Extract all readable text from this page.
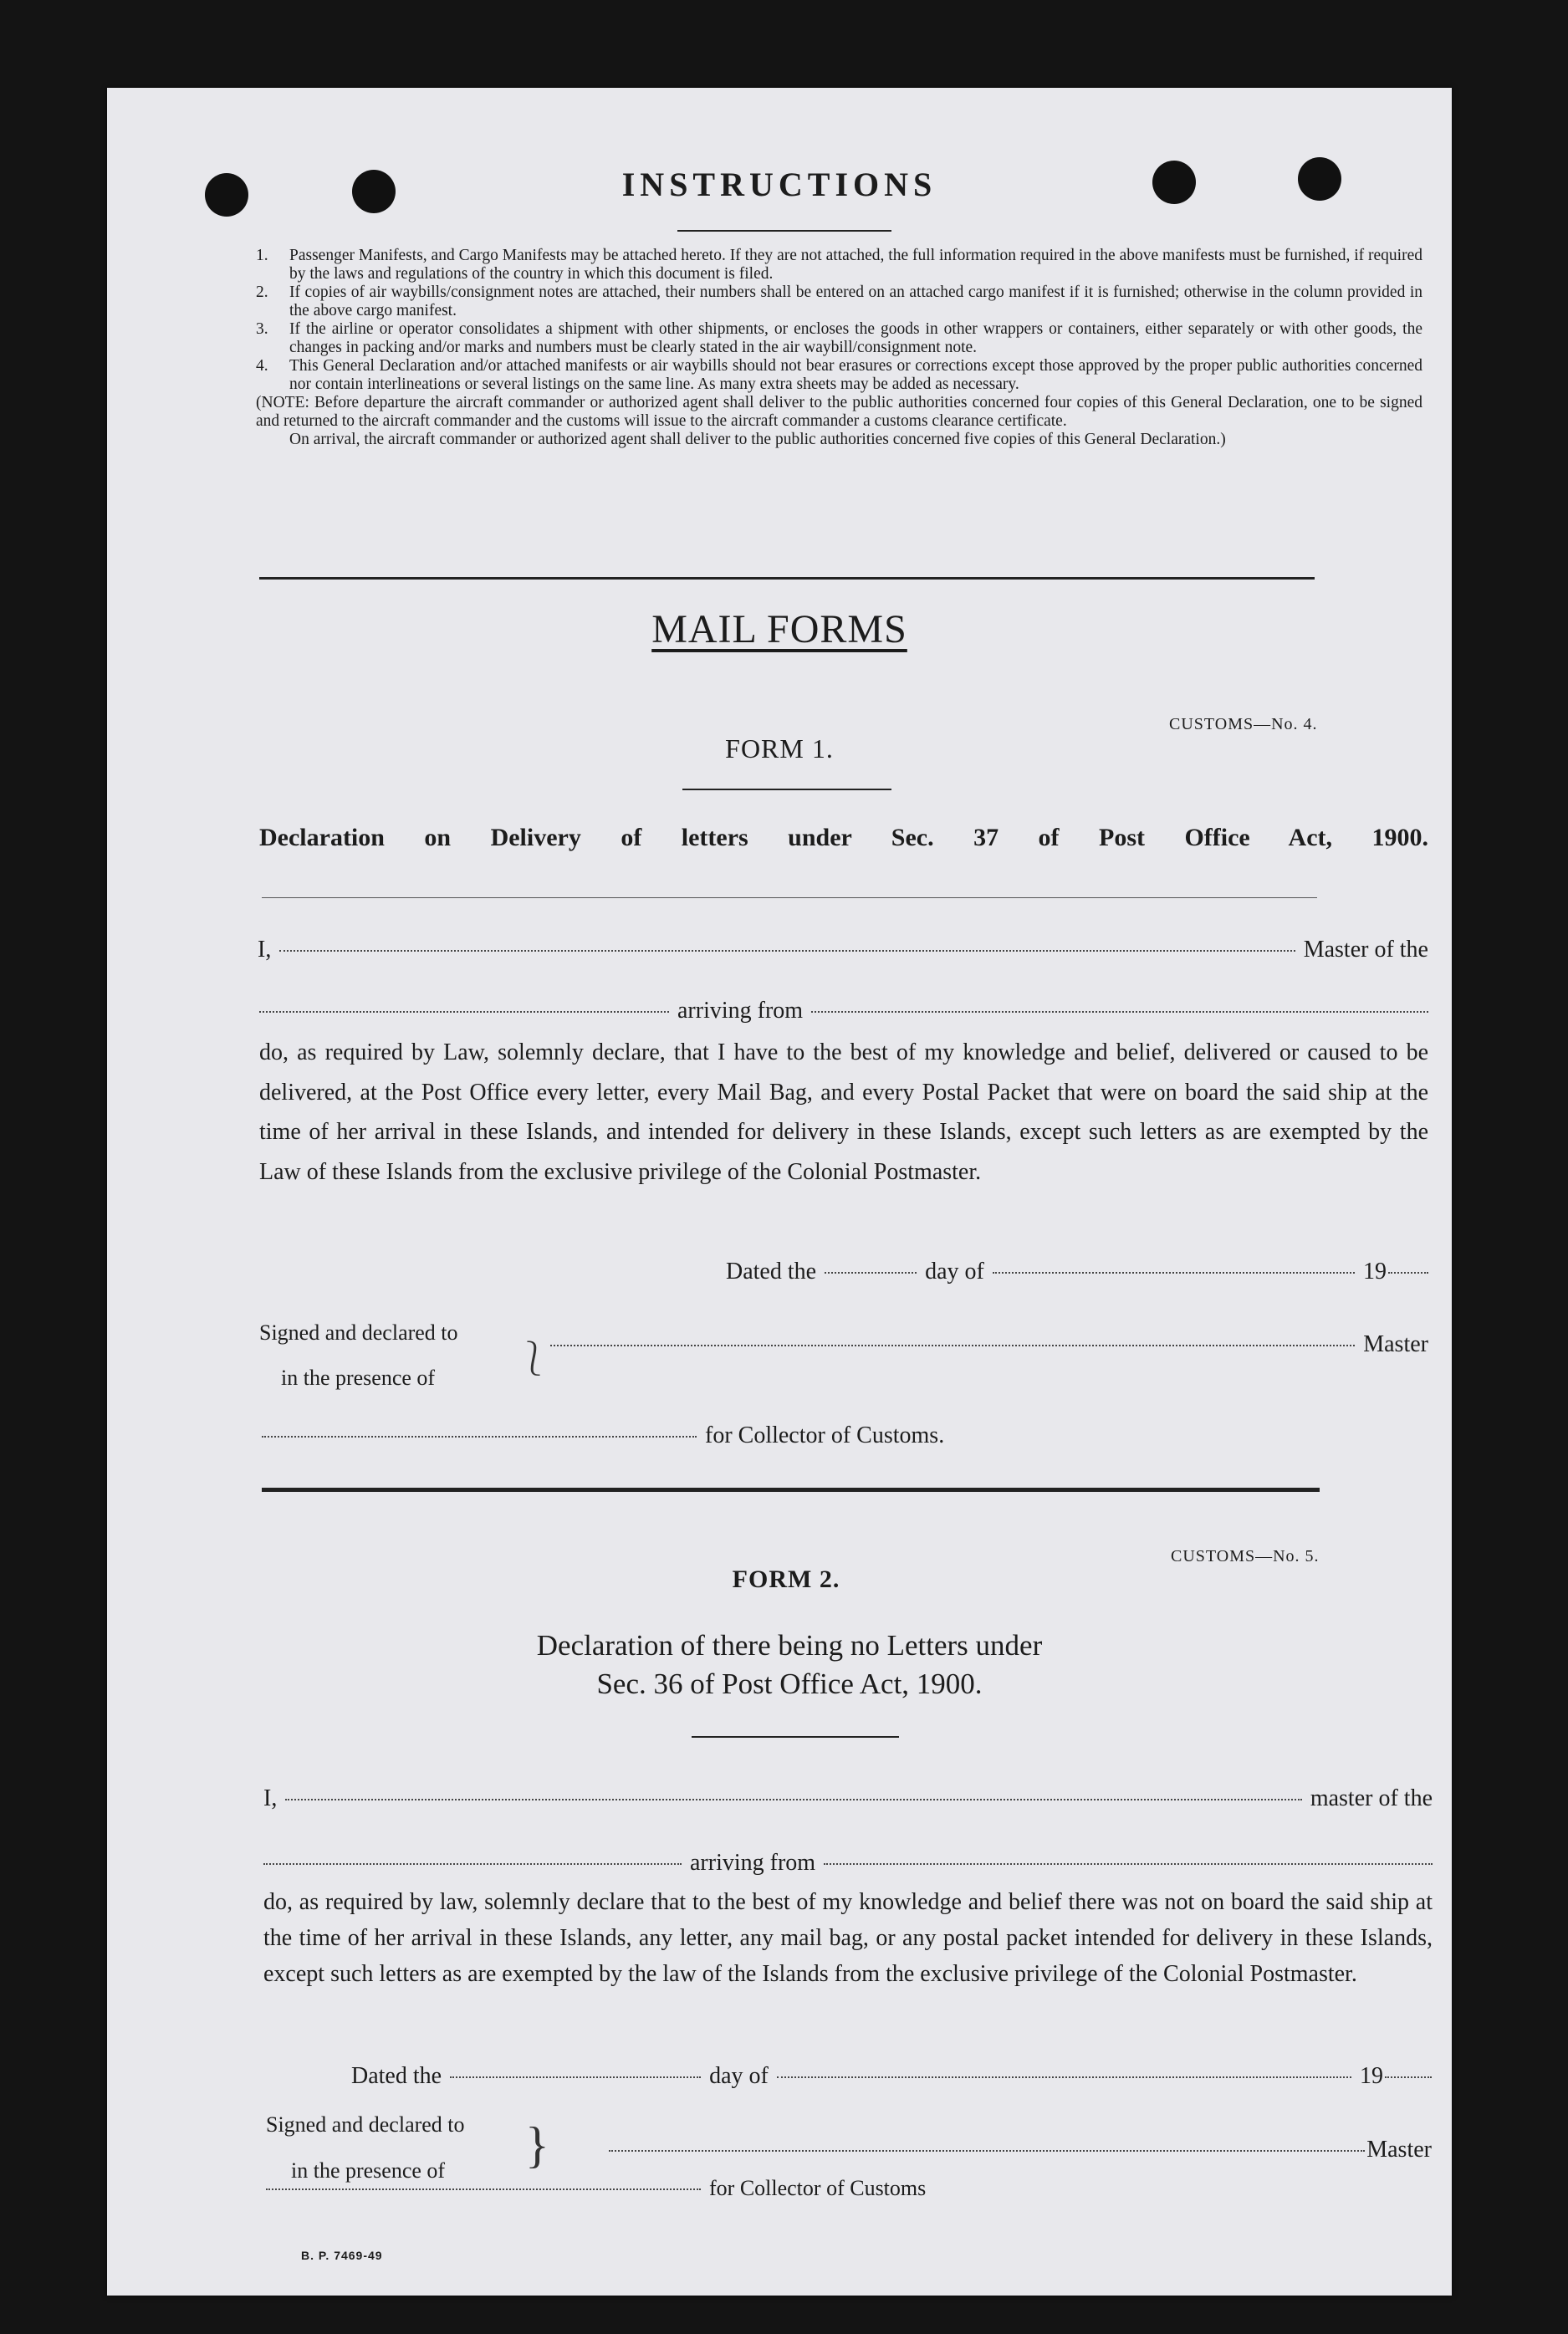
INSTRUCTIONS
1. Passenger Manifests, and Cargo Manifests may be attached hereto. If they are not attached, the full information required in the above manifests must be furnished, if required by the laws and regulations of the country in which this document is filed.
2. If copies of air waybills/consignment notes are attached, their numbers shall be entered on an attached cargo manifest if it is furnished; otherwise in the column provided in the above cargo manifest.
3. If the airline or operator consolidates a shipment with other shipments, or encloses the goods in other wrappers or containers, either separately or with other goods, the changes in packing and/or marks and numbers must be clearly stated in the air waybill/consignment note.
4. This General Declaration and/or attached manifests or air waybills should not bear erasures or corrections except those approved by the proper public authorities concerned nor contain interlineations or several listings on the same line. As many extra sheets may be added as necessary.
(NOTE: Before departure the aircraft commander or authorized agent shall deliver to the public authorities concerned four copies of this General Declaration, one to be signed and returned to the aircraft commander and the customs will issue to the aircraft commander a customs clearance certificate.
On arrival, the aircraft commander or authorized agent shall deliver to the public authorities concerned five copies of this General Declaration.)
MAIL FORMS
CUSTOMS—No. 4.
FORM 1.
Declaration on Delivery of letters under Sec. 37 of Post Office Act, 1900.
I,	Master of the
arriving from
do, as required by Law, solemnly declare, that I have to the best of my knowledge and belief, delivered or caused to be delivered, at the Post Office every letter, every Mail Bag, and every Postal Packet that were on board the said ship at the time of her arrival in these Islands, and intended for delivery in these Islands, except such letters as are exempted by the Law of these Islands from the exclusive privilege of the Colonial Postmaster.
Dated the	day of	19
Signed and declared to
in the presence of
⎱	Master
for Collector of Customs.
CUSTOMS—No. 5.
FORM 2.
Declaration of there being no Letters under
Sec. 36 of Post Office Act, 1900.
I,	master of the
arriving from
do, as required by law, solemnly declare that to the best of my knowledge and belief there was not on board the said ship at the time of her arrival in these Islands, any letter, any mail bag, or any postal packet intended for delivery in these Islands, except such letters as are exempted by the law of the Islands from the exclusive privilege of the Colonial Postmaster.
Dated the	day of	19
Signed and declared to
in the presence of	}	Master
for Collector of Customs
B. P. 7469-49
